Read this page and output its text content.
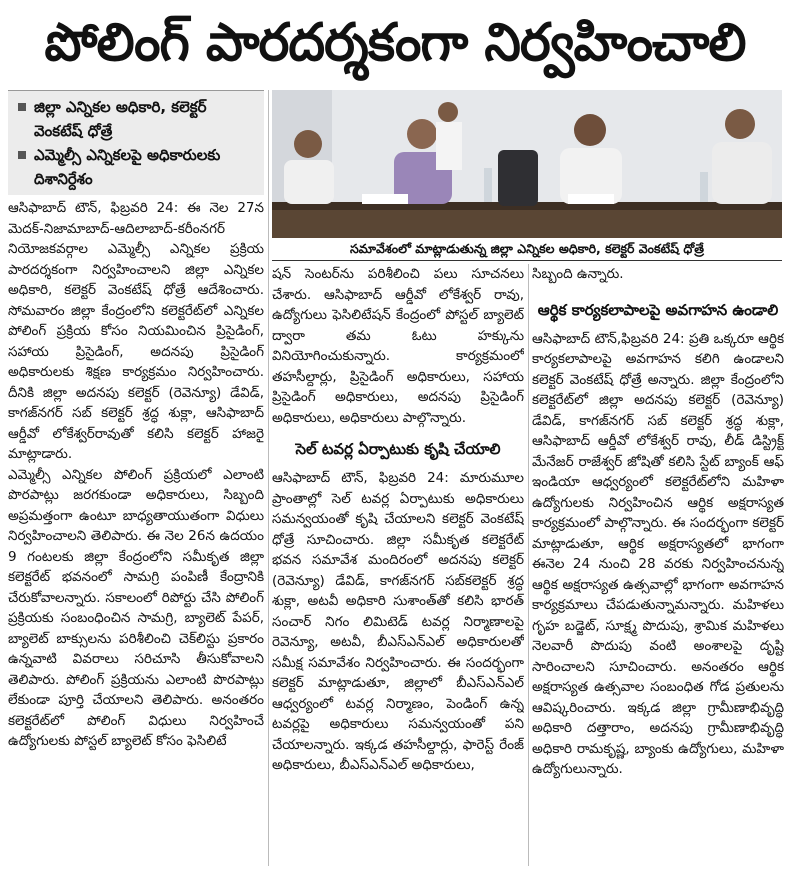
పోలింగ్ పారదర్శకంగా నిర్వహించాలి
జిల్లా ఎన్నికల అధికారి, కలెక్టర్ వెంకటేష్ ధోత్రే
ఎమ్మెల్సీ ఎన్నికలపై అధికారులకు దిశానిర్దేశం
సమావేశంలో మాట్లాడుతున్న జిల్లా ఎన్నికల అధికారి, కలెక్టర్ వెంకటేష్ ధోత్రే

ఆసిఫాబాద్ టౌన్, ఫిబ్రవరి 24: ఈ నెల 27న మెదక్-నిజామాబాద్-ఆదిలాబాద్-కరీంనగర్ నియోజకవర్గాల ఎమ్మెల్సీ ఎన్నికల ప్రక్రియ పారదర్శకంగా నిర్వహించాలని జిల్లా ఎన్నికల అధికారి, కలెక్టర్ వెంకటేష్ ధోత్రే ఆదేశించారు. సోమవారం జిల్లా కేంద్రంలోని కలెక్టరేట్‌లో ఎన్నికల పోలింగ్ ప్రక్రియ కోసం నియమించిన ప్రిసైడింగ్, సహాయ ప్రిసైడింగ్, అదనపు ప్రిసైడింగ్ అధికారులకు శిక్షణ కార్యక్రమం నిర్వహించారు. దీనికి జిల్లా అదనపు కలెక్టర్ (రెవెన్యూ) డేవిడ్, కాగజ్‌నగర్ సబ్ కలెక్టర్ శ్రద్ధ శుక్లా, ఆసిఫాబాద్ ఆర్డీవో లోకేశ్వర్‌రావుతో కలిసి కలెక్టర్ హాజరై మాట్లాడారు.

ఎమ్మెల్సీ ఎన్నికల పోలింగ్ ప్రక్రియలో ఎలాంటి పొరపాట్లు జరగకుండా అధికారులు, సిబ్బంది అప్రమత్తంగా ఉంటూ బాధ్యతాయుతంగా విధులు నిర్వహించాలని తెలిపారు. ఈ నెల 26న ఉదయం 9 గంటలకు జిల్లా కేంద్రంలోని సమీకృత జిల్లా కలెక్టరేట్ భవనంలో సామగ్రి పంపిణీ కేంద్రానికి చేరుకోవాలన్నారు. సకాలంలో రిపోర్టు చేసి పోలింగ్ ప్రక్రియకు సంబంధించిన సామగ్రి, బ్యాలెట్ పేపర్, బ్యాలెట్ బాక్సులను పరిశీలించి చెక్‌లిస్టు ప్రకారం ఉన్నవాటి వివరాలు సరిచూసి తీసుకోవాలని తెలిపారు. పోలింగ్ ప్రక్రియను ఎలాంటి పొరపాట్లు లేకుండా పూర్తి చేయాలని తెలిపారు. అనంతరం కలెక్టరేట్‌లో పోలింగ్ విధులు నిర్వహించే ఉద్యోగులకు పోస్టల్ బ్యాలెట్ కోసం ఫెసిలిటే

షన్ సెంటర్‌ను పరిశీలించి పలు సూచనలు చేశారు. ఆసిఫాబాద్ ఆర్డీవో లోకేశ్వర్ రావు, ఉద్యోగులు ఫెసిలిటేషన్ కేంద్రంలో పోస్టల్ బ్యాలెట్ ద్వారా తమ ఓటు హక్కును వినియోగించుకున్నారు. కార్యక్రమంలో తహసీల్దార్లు, ప్రిసైడింగ్ అధికారులు, సహాయ ప్రిసైడింగ్ అధికారులు, అదనపు ప్రిసైడింగ్ అధికారులు, అధికారులు పాల్గొన్నారు.

సెల్ టవర్ల ఏర్పాటుకు కృషి చేయాలి

ఆసిఫాబాద్ టౌన్, ఫిబ్రవరి 24: మారుమూల ప్రాంతాల్లో సెల్ టవర్ల ఏర్పాటుకు అధికారులు సమన్వయంతో కృషి చేయాలని కలెక్టర్ వెంకటేష్ ధోత్రే సూచించారు. జిల్లా సమీకృత కలెక్టరేట్ భవన సమావేశ మందిరంలో అదనపు కలెక్టర్ (రెవెన్యూ) డేవిడ్, కాగజ్‌నగర్ సబ్‌కలెక్టర్ శ్రద్ధ శుక్లా, అటవీ అధికారి సుశాంత్‌తో కలిసి భారత్ సంచార్ నిగం లిమిటెడ్ టవర్ల నిర్మాణాలపై రెవెన్యూ, అటవీ, బీఎస్ఎన్ఎల్ అధికారులతో సమీక్ష సమావేశం నిర్వహించారు. ఈ సందర్భంగా కలెక్టర్ మాట్లాడుతూ, జిల్లాలో బీఎస్ఎన్ఎల్ ఆధ్వర్యంలో టవర్ల నిర్మాణం, పెండింగ్ ఉన్న టవర్లపై అధికారులు సమన్వయంతో పని చేయాలన్నారు. ఇక్కడ తహసీల్దార్లు, ఫారెస్ట్ రేంజ్ అధికారులు, బీఎస్ఎన్ఎల్ అధికారులు,

సిబ్బంది ఉన్నారు.

ఆర్థిక కార్యకలాపాలపై అవగాహన ఉండాలి

ఆసిఫాబాద్ టౌన్,ఫిబ్రవరి 24: ప్రతి ఒక్కరూ ఆర్థిక కార్యకలాపాలపై అవగాహన కలిగి ఉండాలని కలెక్టర్ వెంకటేష్ ధోత్రే అన్నారు. జిల్లా కేంద్రంలోని కలెక్టరేట్‌లో జిల్లా అదనపు కలెక్టర్ (రెవెన్యూ) డేవిడ్, కాగజ్‌నగర్ సబ్ కలెక్టర్ శ్రద్ధ శుక్లా, ఆసిఫాబాద్ ఆర్డీవో లోకేశ్వర్ రావు, లీడ్ డిస్ట్రిక్ట్ మేనేజర్ రాజేశ్వర్ జోషితో కలిసి స్టేట్ బ్యాంక్ ఆఫ్ ఇండియా ఆధ్వర్యంలో కలెక్టరేట్‌లోని మహిళా ఉద్యోగులకు నిర్వహించిన ఆర్థిక అక్షరాస్యత కార్యక్రమంలో పాల్గొన్నారు. ఈ సందర్భంగా కలెక్టర్ మాట్లాడుతూ, ఆర్థిక అక్షరాస్యతలో భాగంగా ఈనెల 24 నుంచి 28 వరకు నిర్వహించనున్న ఆర్థిక అక్షరాస్యత ఉత్సవాల్లో భాగంగా అవగాహన కార్యక్రమాలు చేపడుతున్నామన్నారు. మహిళలు గృహ బడ్జెట్, సూక్ష్మ పొదుపు, శ్రామిక మహిళలు నెలవారీ పొదుపు వంటి అంశాలపై దృష్టి సారించాలని సూచించారు. అనంతరం ఆర్థిక అక్షరాస్యత ఉత్సవాల సంబంధిత గోడ ప్రతులను ఆవిష్కరించారు. ఇక్కడ జిల్లా గ్రామీణాభివృద్ధి అధికారి దత్తారాం, అదనపు గ్రామీణాభివృద్ధి అధికారి రామకృష్ణ, బ్యాంకు ఉద్యోగులు, మహిళా ఉద్యోగులున్నారు.
